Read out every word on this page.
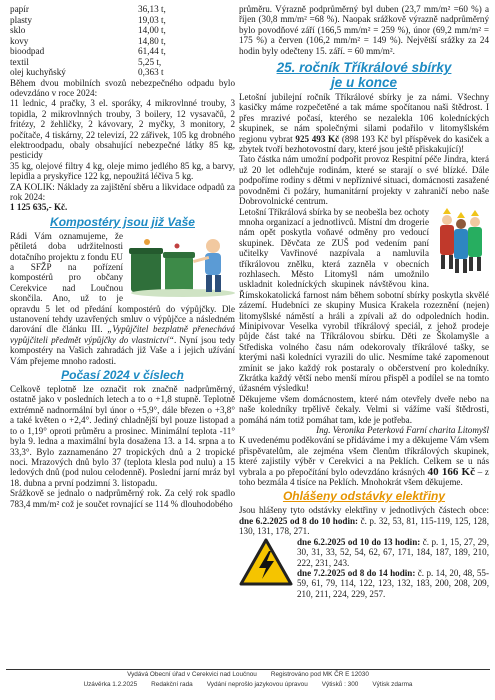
papír	36,13 t,
plasty	19,03 t,
sklo	14,00 t,
kovy	14,80 t,
bioodpad	61,44 t,
textil	5,25 t,
olej kuchyňský	0,363 t

Během dvou mobilních svozů nebezpečného odpadu bylo odevzdáno v roce 2024:

11 lednic, 4 pračky, 3 el. sporáky, 4 mikrovlnné trouby, 3 topidla, 2 mikrovlnných trouby, 3 boilery, 12 vysavačů, 2 fritézy, 2 žehličky, 2 kávovary, 2 myčky, 3 monitory, 2 počítače, 4 tiskárny, 22 televizí, 22 zářivek, 105 kg drobného elektroodpadu, obaly obsahující nebezpečné látky 85 kg, pesticidy

35 kg, olejové filtry 4 kg, oleje mimo jedlého 85 kg, a barvy, lepidla a pryskyřice 122 kg, nepoužitá léčiva 5 kg.

ZA KOLIK: Náklady za zajištění sběru a likvidace odpadů za rok 2024:

1 125 635,- Kč.

Kompostéry jsou již Vaše

Rádi Vám oznamujeme, že pětiletá doba udržitelnosti dotačního projektu z fondu EU a SFŽP na pořízení kompostérů pro občany Cerekvice nad Loučnou skončila. Ano, už to je opravdu 5 let od předání kompostérů do výpůjčky. Dle ustanovení tehdy uzavřených smluv o výpůjčce a následném darování dle článku III. „Vypůjčitel bezplatně přenechává vypůjčiteli předmět výpůjčky do vlastnictví“. Nyní jsou tedy kompostéry na Vašich zahradách již Vaše a i jejich užívání Vám přejeme mnoho radosti.

Počasí 2024 v číslech

Celkově teplotně lze označit rok značně nadprůměrný, ostatně jako v posledních letech a to o +1,8 stupně. Teplotně extrémně nadnormální byl únor o +5,9°, dále březen o +3,8° a také květen o +2,4°. Jediný chladnější byl pouze listopad a to o 1,19° oproti průměru a prosinec. Minimální teplota -11° byla 9. ledna a maximální byla dosažena 13. a 14. srpna a to 33,3°. Bylo zaznamenáno 27 tropických dnů a 2 tropické noci. Mrazových dnů bylo 37 (teplota klesla pod nulu) a 15 ledových dnů (pod nulou celodenně). Poslední jarní mráz byl 18. dubna a první podzimní 3. listopadu.

Srážkově se jednalo o nadprůměrný rok. Za celý rok spadlo 783,4 mm/m² což je součet rovnající se 114 % dlouhodobého

průměru. Výrazně podprůměrný byl duben (23,7 mm/m² =60 %) a říjen (30,8 mm/m² =68 %). Naopak srážkově výrazně nadprůměrný bylo povodňové září (166,5 mm/m² = 259 %), únor (69,2 mm/m² = 175 %) a červen (106,2 mm/m² = 149 %). Největší srážky za 24 hodin byly odečteny 15. září. = 60 mm/m².

25. ročník Tříkrálové sbírky
je u konce

Letošní jubilejní ročník Tříkrálové sbírky je za námi. Všechny kasičky máme rozpečetěné a tak máme spočítanou naši štědrost. I přes mrazivé počasí, kterého se nezalekla 106 koledníckých skupinek, se nám společnými silami podařilo v litomyšlském regionu vybrat 925 493 Kč (898 193 Kč byl příspěvek do kasiček a zbytek tvoří bezhotovostní dary, které jsou ještě přiskakující)!

Tato částka nám umožní podpořit provoz Respitní péče Jindra, která už 20 let odlehčuje rodinám, které se starají o své blízké. Dále podpoříme rodiny s dětmi v nepříznivé situaci, domácnosti zasažené povodněmi či požáry, humanitární projekty v zahraničí nebo naše Dobrovolnické centrum.

Letošní Tříkrálová sbírka by se neobešla bez ochoty mnoha organizací a jednotlivců. Místní dm drogerie nám opět poskytla voňavé odměny pro vedoucí skupinek. Děvčata ze ZUŠ pod vedením paní učitelky Vavřinové nazpívala a namluvila tříkrálovou znělku, která zazněla v obecních rozhlasech. Město Litomyšl nám umožnilo uskladnit koledníckých skupinek návštěvou kina. Římskokatolická farnost nám během sobotní sbírky poskytla skvělé zázemí. Hudebníci ze skupiny Musica Krakela rozeznění (nejen) litomyšlské náměstí a hráli a zpívali až do odpoledních hodin. Minipivovar Veselka vyrobil tříkrálový speciál, z jehož prodeje půjde část také na Tříkrálovou sbírku. Děti ze Školamyšle a Střediska volného času nám odekorovaly tříkrálové tašky, se kterými naši koledníci vyrazili do ulic. Nesmíme také zapomenout zmínit se jako každý rok postaraly o občerstvení pro koledníky. Zkrátka každý větší nebo menší mírou přispěl a podílel se na tomto úžasném výsledku!

Děkujeme všem domácnostem, které nám otevřely dveře nebo na naše koledníky trpělivě čekaly. Velmi si vážíme vaší štědrosti, pomáhá nám totiž pomáhat tam, kde je potřeba.

Ing. Veronika Peterková Farní charita Litomyšl

K uvedenému poděkování se přidáváme i my a děkujeme Vám všem přispěvatelům, ale zejména všem členům tříkrálových skupinek, které zajistily výběr v Cerekvici a na Peklích. Celkem se u nás vybrala a po přepočítání bylo odevzdáno krásných 40 166 Kč – z toho bezmála 4 tisíce na Peklích. Mnohokrát všem děkujeme.

Ohlášeny odstávky elektřiny

Jsou hlášeny tyto odstávky elektřiny v jednotlivých částech obce: dne 6.2.2025 od 8 do 10 hodin: č. p. 32, 53, 81, 115-119, 125, 128, 130, 131, 178, 271.

dne 6.2.2025 od 10 do 13 hodin: č. p. 1, 15, 27, 29, 30, 31, 33, 52, 54, 62, 67, 171, 184, 187, 189, 210, 222, 231, 243.

dne 7.2.2025 od 8 do 14 hodin: č. p. 14, 20, 48, 55-59, 61, 79, 114, 122, 123, 132, 183, 200, 208, 209, 210, 211, 224, 229, 257.

Vydává Obecní úřad v Cerekvici nad Loučnou Registrováno pod MK ČR E 12030
Uzávěrka 1.2.2025 Redakční rada Vydání neprošlo jazykovou úpravou Výtisků : 300 Výtisk zdarma
